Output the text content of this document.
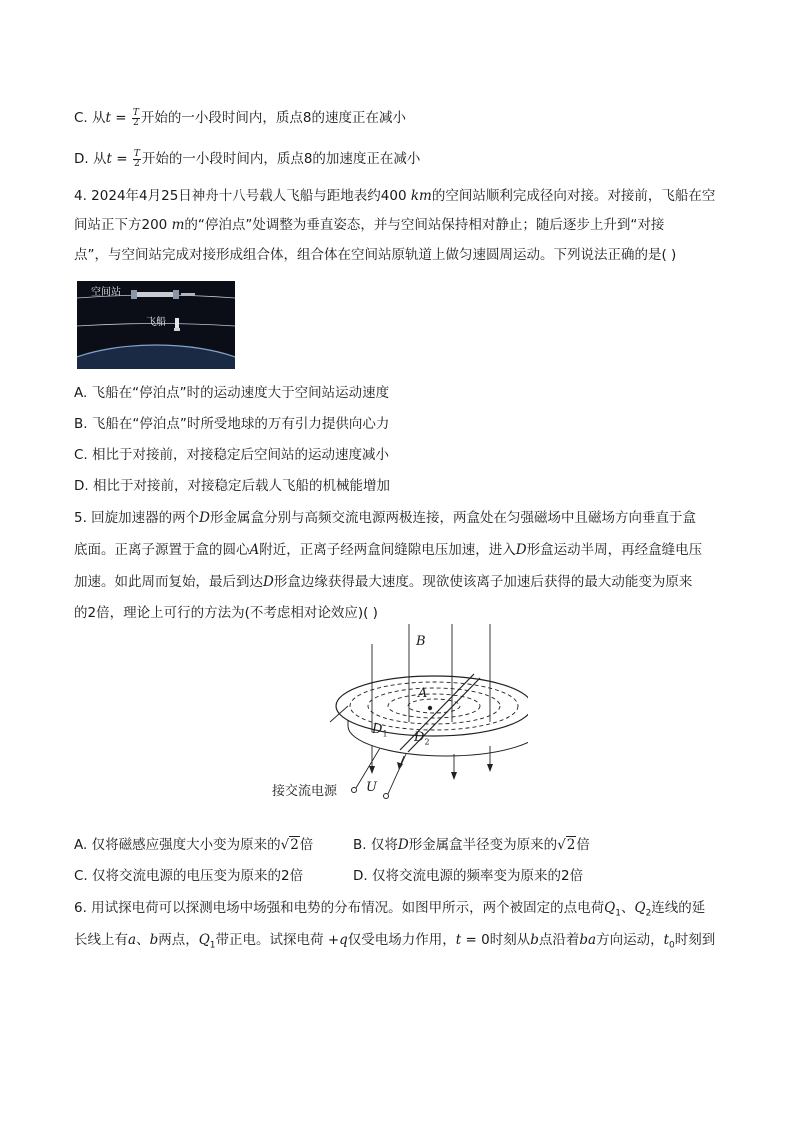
C. 从$t = \frac{T}{2}$ 开始的一小段时间内，质点8的速度正在减小
D. 从$t = \frac{T}{2}$ 开始的一小段时间内，质点8的加速度正在减小
4. 2024年4月25日神舟十八号载人飞船与距地表约400 km的空间站顺利完成径向对接。对接前，飞船在空
间站正下方200 m的“停泊点”处调整为垂直姿态，并与空间站保持相对静止；随后逐步上升到“对接
点”，与空间站完成对接形成组合体，组合体在空间站原轨道上做匀速圆周运动。下列说法正确的是( )
空间站
飞船
A. 飞船在“停泊点”时的运动速度大于空间站运动速度
B. 飞船在“停泊点”时所受地球的万有引力提供向心力
C. 相比于对接前，对接稳定后空间站的运动速度减小
D. 相比于对接前，对接稳定后载人飞船的机械能增加
5. 回旋加速器的两个D形金属盒分别与高频交流电源两极连接，两盒处在匀强磁场中且磁场方向垂直于盒
底面。正离子源置于盒的圆心A附近，正离子经两盒间缝隙电压加速，进入D形盒运动半周，再经盒缝电压
加速。如此周而复始，最后到达D形盒边缘获得最大速度。现欲使该离子加速后获得的最大动能变为原来
的2倍，理论上可行的方法为(不考虑相对论效应)( )
B
A
$D_1$ $D_2$
接交流电源 U
A. 仅将磁感应强度大小变为原来的√2倍	B. 仅将D形金属盒半径变为原来的√2倍
C. 仅将交流电源的电压变为原来的2倍	D. 仅将交流电源的频率变为原来的2倍
6. 用试探电荷可以探测电场中场强和电势的分布情况。如图甲所示，两个被固定的点电荷$Q_1$、$Q_2$连线的延
长线上有a、b两点，$Q_1$带正电。试探电荷 +q仅受电场力作用，t = 0时刻从b点沿着ba方向运动，$t_0$时刻到
